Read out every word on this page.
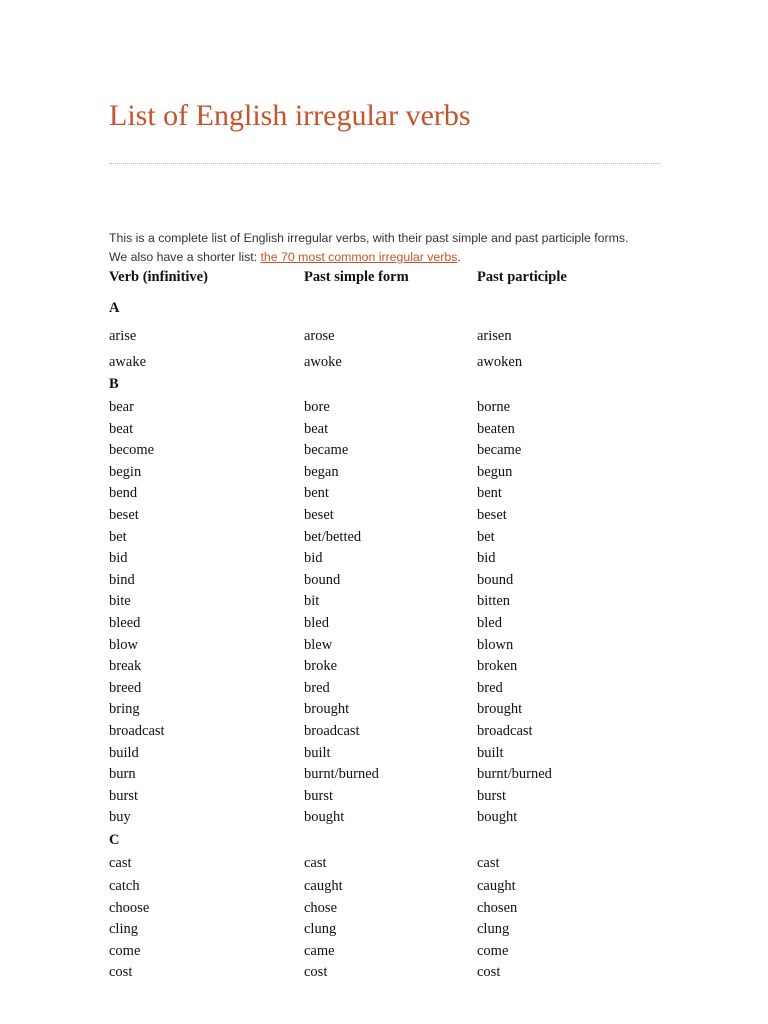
List of English irregular verbs

This is a complete list of English irregular verbs, with their past simple and past participle forms.

We also have a shorter list: the 70 most common irregular verbs.

Verb (infinitive)	Past simple form	Past participle
A
arise	arose	arisen
awake	awoke	awoken
B
bear	bore	borne
beat	beat	beaten
become	became	became
begin	began	begun
bend	bent	bent
beset	beset	beset
bet	bet/betted	bet
bid	bid	bid
bind	bound	bound
bite	bit	bitten
bleed	bled	bled
blow	blew	blown
break	broke	broken
breed	bred	bred
bring	brought	brought
broadcast	broadcast	broadcast
build	built	built
burn	burnt/burned	burnt/burned
burst	burst	burst
buy	bought	bought
C
cast	cast	cast
catch	caught	caught
choose	chose	chosen
cling	clung	clung
come	came	come
cost	cost	cost
